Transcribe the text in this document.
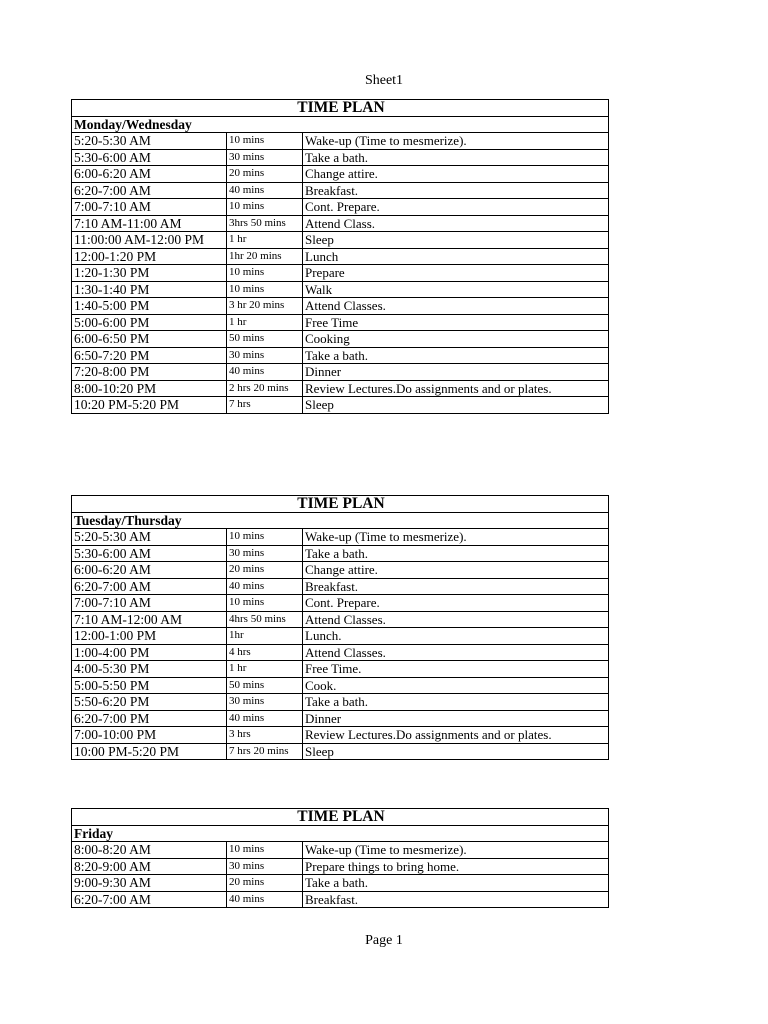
Sheet1
TIME PLAN		
Monday/Wednesday		
5:20-5:30 AM	10 mins	Wake-up (Time to mesmerize).
5:30-6:00 AM	30 mins	Take a bath.
6:00-6:20 AM	20 mins	Change attire.
6:20-7:00 AM	40 mins	Breakfast.
7:00-7:10 AM	10 mins	Cont. Prepare.
7:10 AM-11:00 AM	3hrs 50 mins	Attend Class.
11:00:00 AM-12:00 PM	1 hr	Sleep
12:00-1:20 PM	1hr 20 mins	Lunch
1:20-1:30 PM	10 mins	Prepare
1:30-1:40 PM	10 mins	Walk
1:40-5:00 PM	3 hr 20 mins	Attend Classes.
5:00-6:00 PM	1 hr	Free Time
6:00-6:50 PM	50 mins	Cooking
6:50-7:20 PM	30 mins	Take a bath.
7:20-8:00 PM	40 mins	Dinner
8:00-10:20 PM	2 hrs 20 mins	Review Lectures.Do assignments and or plates.
10:20 PM-5:20 PM	7 hrs	Sleep
TIME PLAN		
Tuesday/Thursday		
5:20-5:30 AM	10 mins	Wake-up (Time to mesmerize).
5:30-6:00 AM	30 mins	Take a bath.
6:00-6:20 AM	20 mins	Change attire.
6:20-7:00 AM	40 mins	Breakfast.
7:00-7:10 AM	10 mins	Cont. Prepare.
7:10 AM-12:00 AM	4hrs 50 mins	Attend Classes.
12:00-1:00 PM	1hr	Lunch.
1:00-4:00 PM	4 hrs	Attend Classes.
4:00-5:30 PM	1 hr	Free Time.
5:00-5:50 PM	50 mins	Cook.
5:50-6:20 PM	30 mins	Take a bath.
6:20-7:00 PM	40 mins	Dinner
7:00-10:00 PM	3 hrs	Review Lectures.Do assignments and or plates.
10:00 PM-5:20 PM	7 hrs 20 mins	Sleep
TIME PLAN		
Friday		
8:00-8:20 AM	10 mins	Wake-up (Time to mesmerize).
8:20-9:00 AM	30 mins	Prepare things to bring home.
9:00-9:30 AM	20 mins	Take a bath.
6:20-7:00 AM	40 mins	Breakfast.
Page 1
